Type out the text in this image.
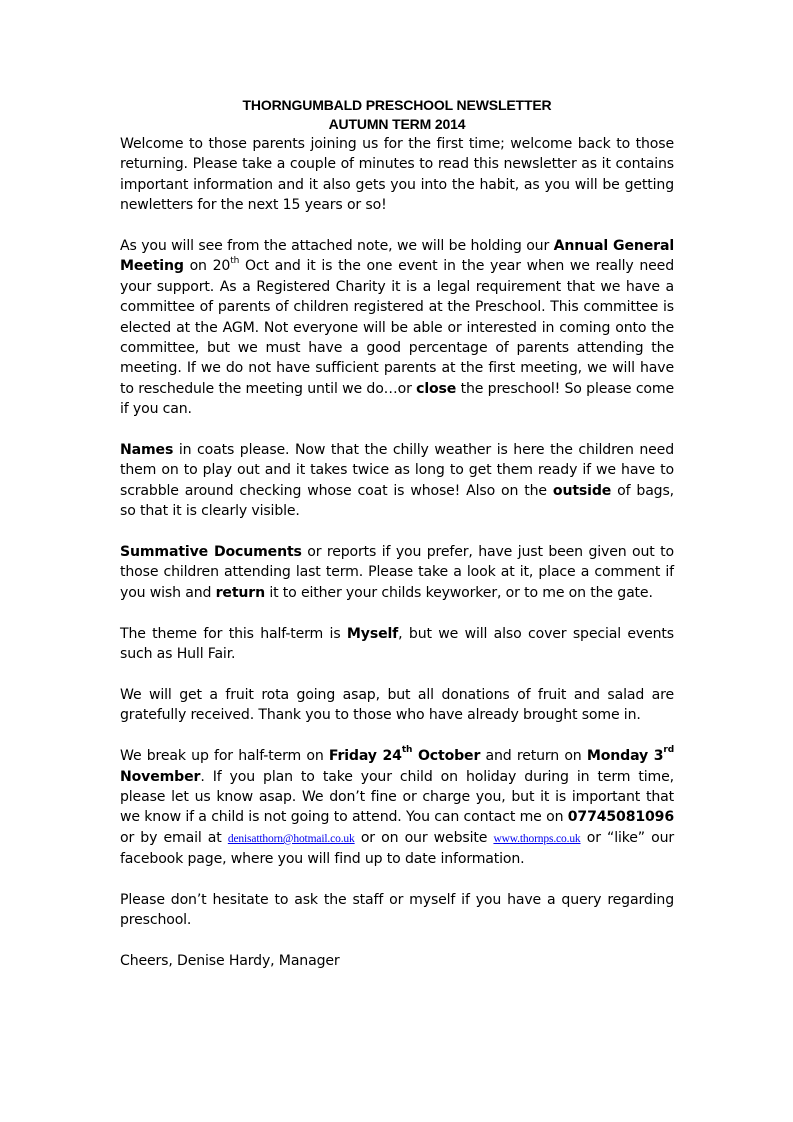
THORNGUMBALD PRESCHOOL NEWSLETTER
AUTUMN TERM 2014

Welcome to those parents joining us for the first time; welcome back to those returning. Please take a couple of minutes to read this newsletter as it contains important information and it also gets you into the habit, as you will be getting newletters for the next 15 years or so!

As you will see from the attached note, we will be holding our Annual General Meeting on 20th Oct and it is the one event in the year when we really need your support. As a Registered Charity it is a legal requirement that we have a committee of parents of children registered at the Preschool. This committee is elected at the AGM. Not everyone will be able or interested in coming onto the committee, but we must have a good percentage of parents attending the meeting. If we do not have sufficient parents at the first meeting, we will have to reschedule the meeting until we do…or close the preschool! So please come if you can.

Names in coats please. Now that the chilly weather is here the children need them on to play out and it takes twice as long to get them ready if we have to scrabble around checking whose coat is whose! Also on the outside of bags, so that it is clearly visible.

Summative Documents or reports if you prefer, have just been given out to those children attending last term. Please take a look at it, place a comment if you wish and return it to either your childs keyworker, or to me on the gate.

The theme for this half-term is Myself, but we will also cover special events such as Hull Fair.

We will get a fruit rota going asap, but all donations of fruit and salad are gratefully received. Thank you to those who have already brought some in.

We break up for half-term on Friday 24th October and return on Monday 3rd November. If you plan to take your child on holiday during in term time, please let us know asap. We don’t fine or charge you, but it is important that we know if a child is not going to attend. You can contact me on 07745081096 or by email at denisatthorn@hotmail.co.uk or on our website www.thornps.co.uk or “like” our facebook page, where you will find up to date information.

Please don’t hesitate to ask the staff or myself if you have a query regarding preschool.

Cheers, Denise Hardy, Manager
